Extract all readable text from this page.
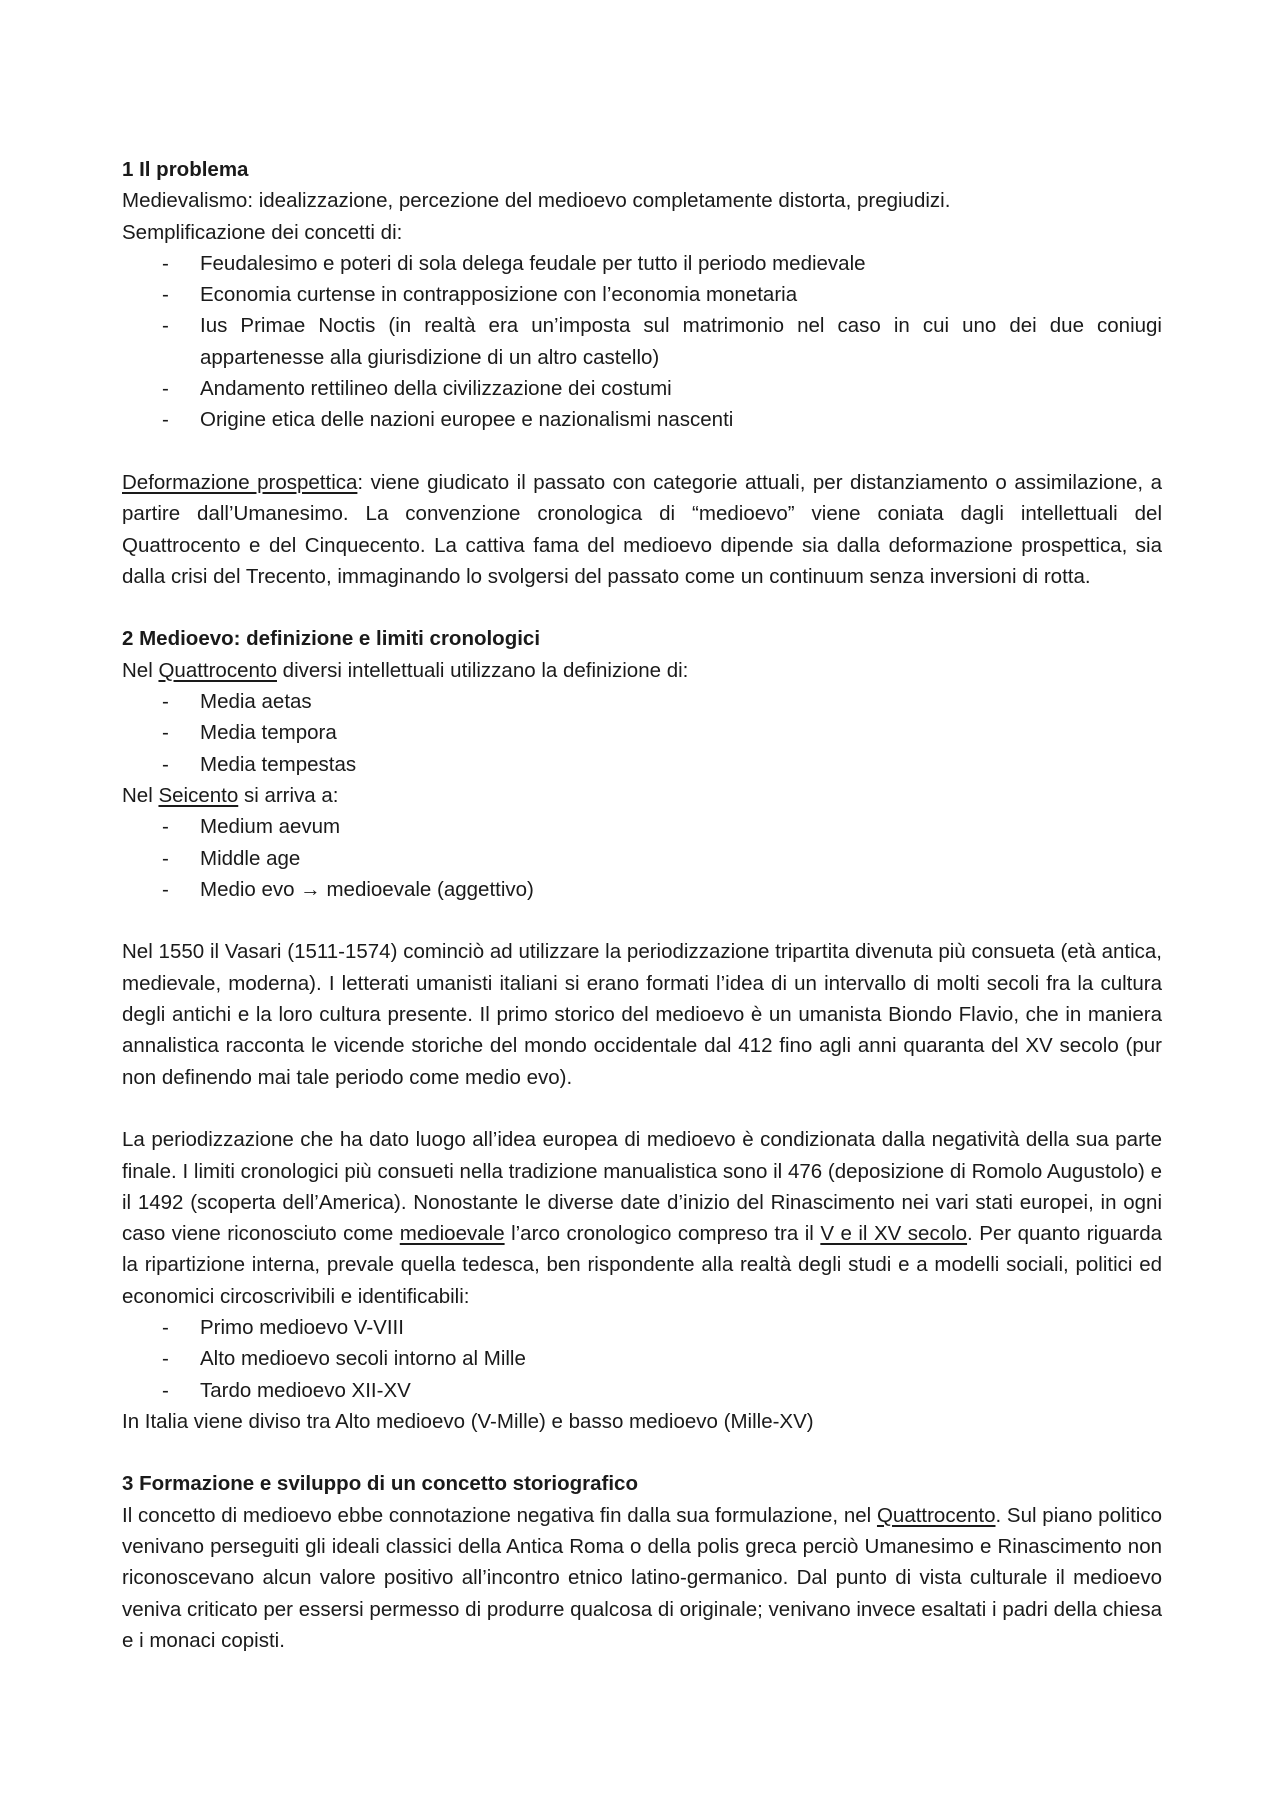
1 Il problema

Medievalismo: idealizzazione, percezione del medioevo completamente distorta, pregiudizi.

Semplificazione dei concetti di:

- Feudalesimo e poteri di sola delega feudale per tutto il periodo medievale
- Economia curtense in contrapposizione con l’economia monetaria
- Ius Primae Noctis (in realtà era un’imposta sul matrimonio nel caso in cui uno dei due coniugi appartenesse alla giurisdizione di un altro castello)
- Andamento rettilineo della civilizzazione dei costumi
- Origine etica delle nazioni europee e nazionalismi nascenti

Deformazione prospettica: viene giudicato il passato con categorie attuali, per distanziamento o assimilazione, a partire dall’Umanesimo. La convenzione cronologica di “medioevo” viene coniata dagli intellettuali del Quattrocento e del Cinquecento. La cattiva fama del medioevo dipende sia dalla deformazione prospettica, sia dalla crisi del Trecento, immaginando lo svolgersi del passato come un continuum senza inversioni di rotta.

2 Medioevo: definizione e limiti cronologici

Nel Quattrocento diversi intellettuali utilizzano la definizione di:

- Media aetas
- Media tempora
- Media tempestas

Nel Seicento si arriva a:

- Medium aevum
- Middle age
- Medio evo → medioevale (aggettivo)

Nel 1550 il Vasari (1511-1574) cominciò ad utilizzare la periodizzazione tripartita divenuta più consueta (età antica, medievale, moderna). I letterati umanisti italiani si erano formati l’idea di un intervallo di molti secoli fra la cultura degli antichi e la loro cultura presente. Il primo storico del medioevo è un umanista Biondo Flavio, che in maniera annalistica racconta le vicende storiche del mondo occidentale dal 412 fino agli anni quaranta del XV secolo (pur non definendo mai tale periodo come medio evo).

La periodizzazione che ha dato luogo all’idea europea di medioevo è condizionata dalla negatività della sua parte finale. I limiti cronologici più consueti nella tradizione manualistica sono il 476 (deposizione di Romolo Augustolo) e il 1492 (scoperta dell’America). Nonostante le diverse date d’inizio del Rinascimento nei vari stati europei, in ogni caso viene riconosciuto come medioevale l’arco cronologico compreso tra il V e il XV secolo. Per quanto riguarda la ripartizione interna, prevale quella tedesca, ben rispondente alla realtà degli studi e a modelli sociali, politici ed economici circoscrivibili e identificabili:

- Primo medioevo V-VIII
- Alto medioevo secoli intorno al Mille
- Tardo medioevo XII-XV

In Italia viene diviso tra Alto medioevo (V-Mille) e basso medioevo (Mille-XV)

3 Formazione e sviluppo di un concetto storiografico

Il concetto di medioevo ebbe connotazione negativa fin dalla sua formulazione, nel Quattrocento. Sul piano politico venivano perseguiti gli ideali classici della Antica Roma o della polis greca perciò Umanesimo e Rinascimento non riconoscevano alcun valore positivo all’incontro etnico latino-germanico. Dal punto di vista culturale il medioevo veniva criticato per essersi permesso di produrre qualcosa di originale; venivano invece esaltati i padri della chiesa e i monaci copisti.
